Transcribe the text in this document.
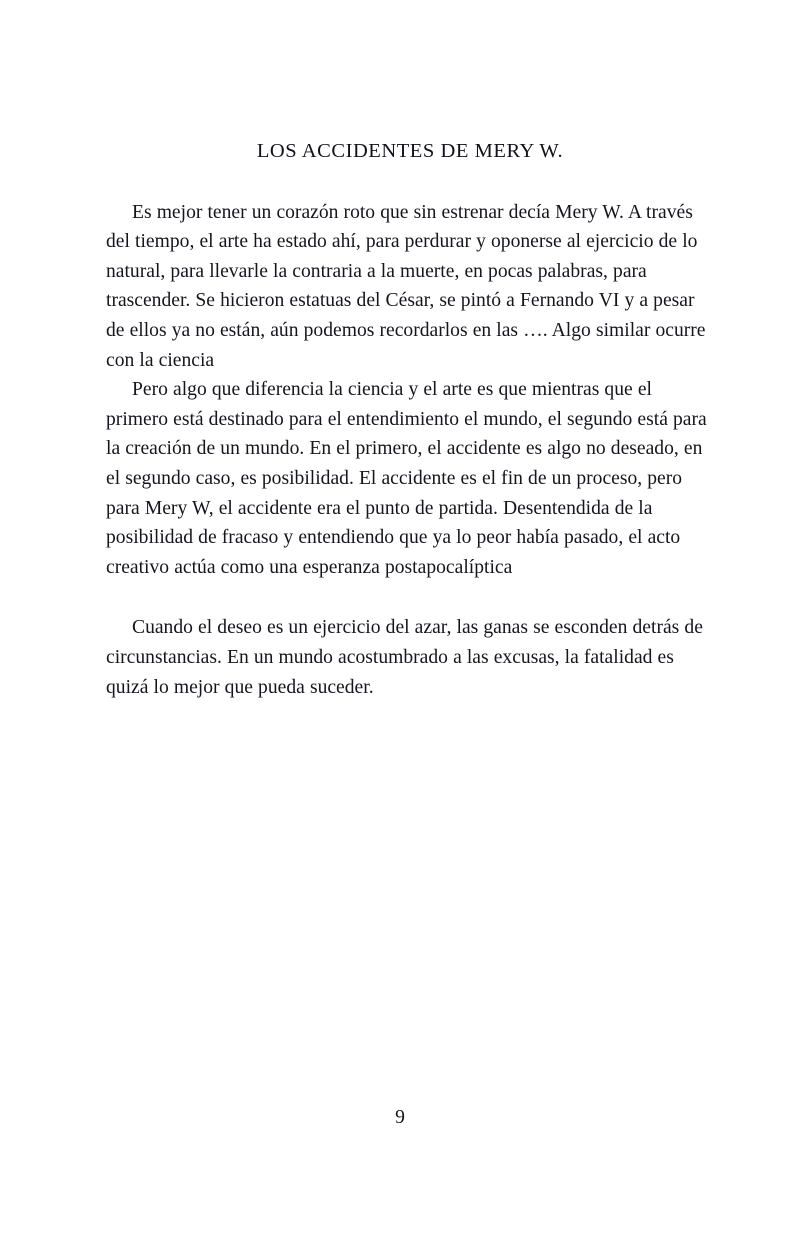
LOS ACCIDENTES DE MERY W.

Es mejor tener un corazón roto que sin estrenar decía Mery W. A través del tiempo, el arte ha estado ahí, para perdurar y oponerse al ejercicio de lo natural, para llevarle la contraria a la muerte, en pocas palabras, para trascender. Se hicieron estatuas del César, se pintó a Fernando VI y a pesar de ellos ya no están, aún podemos recordarlos en las …. Algo similar ocurre con la ciencia

Pero algo que diferencia la ciencia y el arte es que mientras que el primero está destinado para el entendimiento el mundo, el segundo está para la creación de un mundo. En el primero, el accidente es algo no deseado, en el segundo caso, es posibilidad. El accidente es el fin de un proceso, pero para Mery W, el accidente era el punto de partida. Desentendida de la posibilidad de fracaso y entendiendo que ya lo peor había pasado, el acto creativo actúa como una esperanza postapocalíptica

Cuando el deseo es un ejercicio del azar, las ganas se esconden detrás de circunstancias. En un mundo acostumbrado a las excusas, la fatalidad es quizá lo mejor que pueda suceder.

9
